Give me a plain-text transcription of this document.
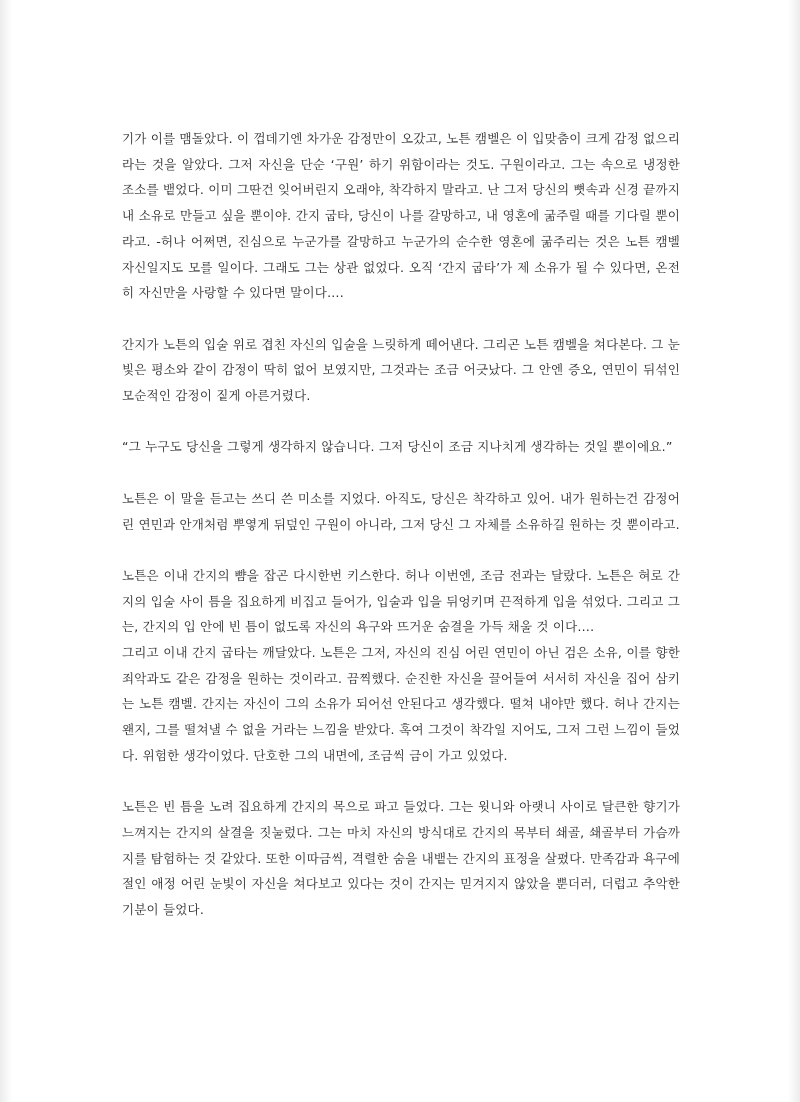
기가 이를 맴돌았다. 이 껍데기엔 차가운 감정만이 오갔고, 노튼 캠벨은 이 입맞춤이 크게 감정 없으리라는 것을 알았다. 그저 자신을 단순 ‘구원’ 하기 위함이라는 것도. 구원이라고. 그는 속으로 냉정한 조소를 뱉었다. 이미 그딴건 잊어버린지 오래야, 착각하지 말라고. 난 그저 당신의 뼛속과 신경 끝까지 내 소유로 만들고 싶을 뿐이야. 간지 굽타, 당신이 나를 갈망하고, 내 영혼에 굶주릴 때를 기다릴 뿐이라고. -허나 어쩌면, 진심으로 누군가를 갈망하고 누군가의 순수한 영혼에 굶주리는 것은 노튼 캠벨 자신일지도 모를 일이다. 그래도 그는 상관 없었다. 오직 ‘간지 굽타’가 제 소유가 될 수 있다면, 온전히 자신만을 사랑할 수 있다면 말이다….

간지가 노튼의 입술 위로 겹친 자신의 입술을 느릿하게 떼어낸다. 그리곤 노튼 캠벨을 쳐다본다. 그 눈빛은 평소와 같이 감정이 딱히 없어 보였지만, 그것과는 조금 어긋났다. 그 안엔 증오, 연민이 뒤섞인 모순적인 감정이 짙게 아른거렸다.

“그 누구도 당신을 그렇게 생각하지 않습니다. 그저 당신이 조금 지나치게 생각하는 것일 뿐이에요.”

노튼은 이 말을 듣고는 쓰디 쓴 미소를 지었다. 아직도, 당신은 착각하고 있어. 내가 원하는건 감정어린 연민과 안개처럼 뿌옇게 뒤덮인 구원이 아니라, 그저 당신 그 자체를 소유하길 원하는 것 뿐이라고.

노튼은 이내 간지의 뺨을 잡곤 다시한번 키스한다. 허나 이번엔, 조금 전과는 달랐다. 노튼은 혀로 간지의 입술 사이 틈을 집요하게 비집고 들어가, 입술과 입을 뒤엉키며 끈적하게 입을 섞었다. 그리고 그는, 간지의 입 안에 빈 틈이 없도록 자신의 욕구와 뜨거운 숨결을 가득 채울 것 이다….

그리고 이내 간지 굽타는 깨달았다. 노튼은 그저, 자신의 진심 어린 연민이 아닌 검은 소유, 이를 향한 죄악과도 같은 감정을 원하는 것이라고. 끔찍했다. 순진한 자신을 끌어들여 서서히 자신을 집어 삼키는 노튼 캠벨. 간지는 자신이 그의 소유가 되어선 안된다고 생각했다. 떨쳐 내야만 했다. 허나 간지는 왠지, 그를 떨쳐낼 수 없을 거라는 느낌을 받았다. 혹여 그것이 착각일 지어도, 그저 그런 느낌이 들었다. 위험한 생각이었다. 단호한 그의 내면에, 조금씩 금이 가고 있었다.

노튼은 빈 틈을 노려 집요하게 간지의 목으로 파고 들었다. 그는 윗니와 아랫니 사이로 달큰한 향기가 느껴지는 간지의 살결을 짓눌렀다. 그는 마치 자신의 방식대로 간지의 목부터 쇄골, 쇄골부터 가슴까지를 탐험하는 것 같았다. 또한 이따금씩, 격렬한 숨을 내뱉는 간지의 표정을 살폈다. 만족감과 욕구에 절인 애정 어린 눈빛이 자신을 쳐다보고 있다는 것이 간지는 믿겨지지 않았을 뿐더러, 더럽고 추악한 기분이 들었다.
